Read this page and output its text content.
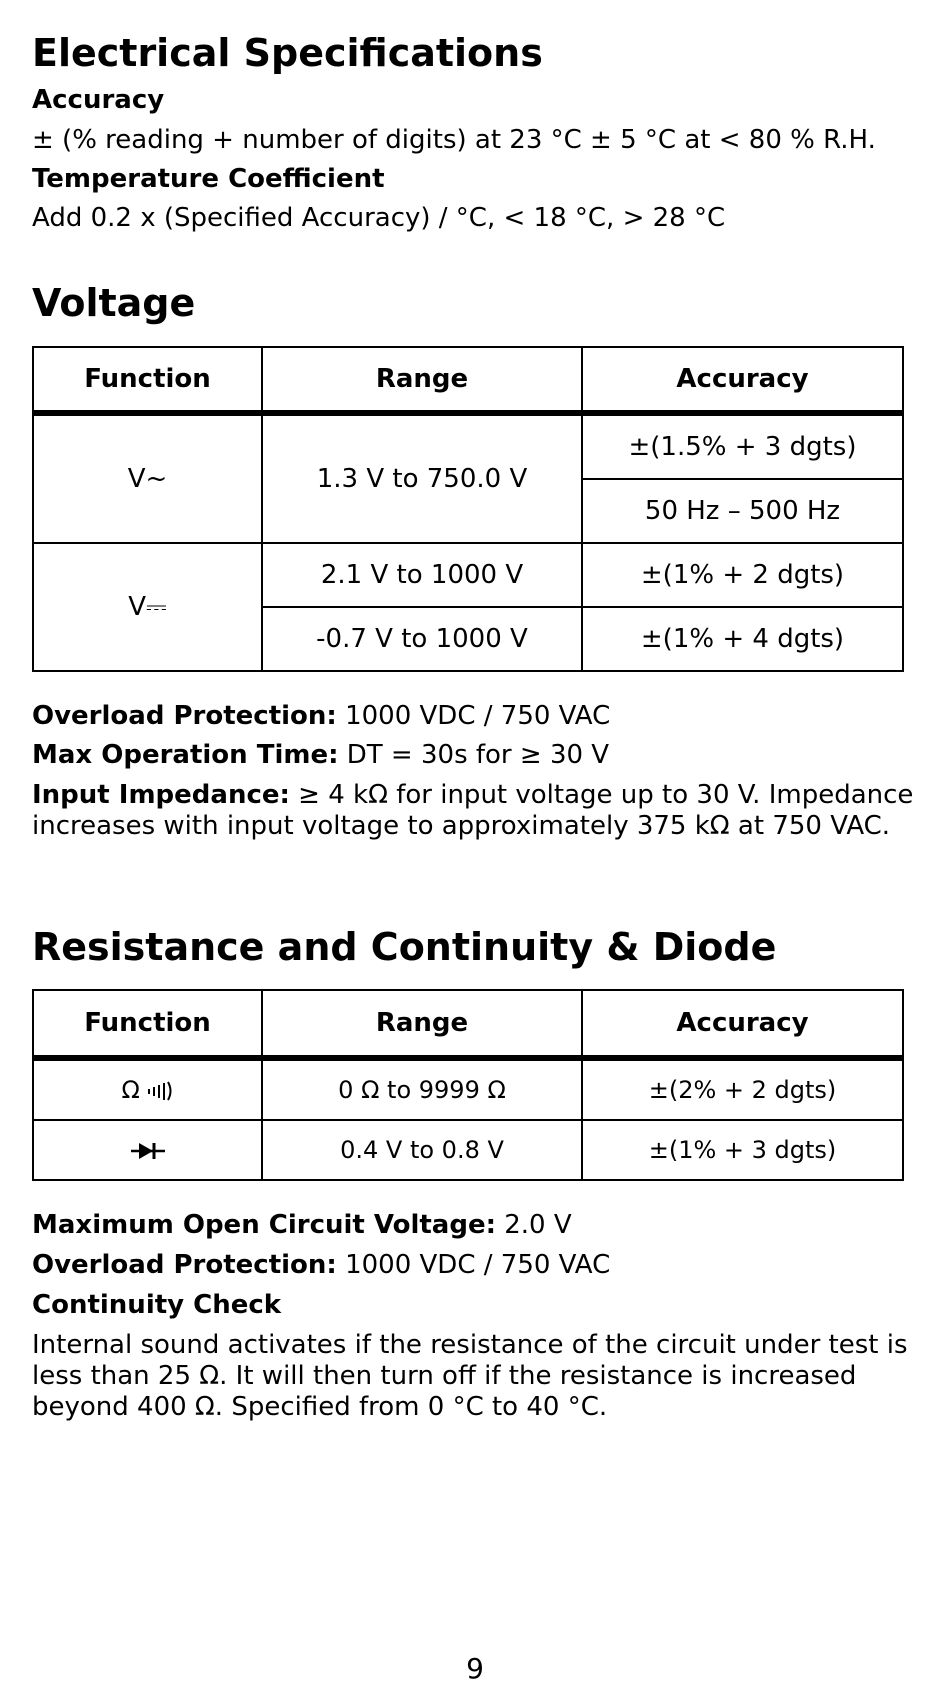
Electrical Specifications
Accuracy
± (% reading + number of digits) at 23 °C ± 5 °C at < 80 % R.H.
Temperature Coefficient
Add 0.2 x (Specified Accuracy) / °C, < 18 °C, > 28 °C
Voltage
Function	Range	Accuracy
V~	1.3 V to 750.0 V	±(1.5% + 3 dgts)
		50 Hz – 500 Hz
V⎓	2.1 V to 1000 V	±(1% + 2 dgts)
	-0.7 V to 1000 V	±(1% + 4 dgts)
Overload Protection: 1000 VDC / 750 VAC
Max Operation Time: DT = 30s for ≥ 30 V
Input Impedance: ≥ 4 kΩ for input voltage up to 30 V. Impedance increases with input voltage to approximately 375 kΩ at 750 VAC.
Resistance and Continuity & Diode
Function	Range	Accuracy
Ω	0 Ω to 9999 Ω	±(2% + 2 dgts)
	0.4 V to 0.8 V	±(1% + 3 dgts)
Maximum Open Circuit Voltage: 2.0 V
Overload Protection: 1000 VDC / 750 VAC
Continuity Check
Internal sound activates if the resistance of the circuit under test is less than 25 Ω. It will then turn off if the resistance is increased beyond 400 Ω. Specified from 0 °C to 40 °C.
9
